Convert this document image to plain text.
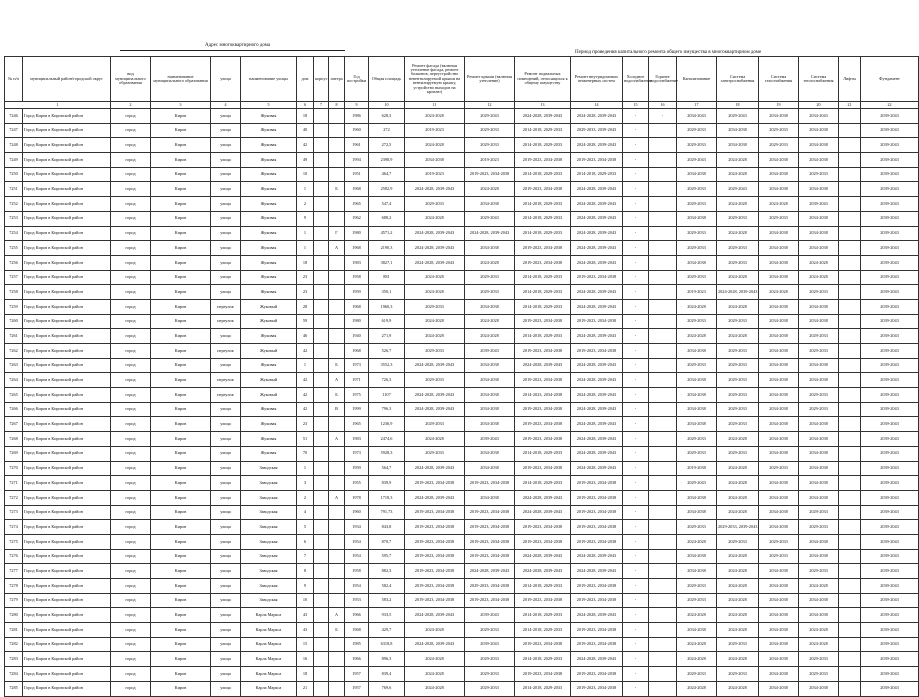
Адрес многоквартирного дома
Период проведения капитального ремонта общего имущества в многоквартирном доме
№ п/п	муниципальный район/городской округ	вид муниципального образования	наименование муниципального образования	улица	наименование улицы	дом	корпус	литера	Год постройки	Общая площадь	Ремонт фасада (включая утепление фасада, ремонт балконов, переустройство невентилируемой крыши на вентилируемую крышу, устройство выходов на кровлю)	Ремонт крыши (включая утепление)	Ремонт подвальных помещений, относящихся к общему имуществу	Ремонт внутридомовых инженерных систем	Холодное водоснабжение	Горячее водоснабжение	Канализование	Система электроснабжения	Система газоснабжения	Система теплоснабжения	Лифты	Фундамент
1		2	3	4	5	6	7	8	9	10	11	12	13	14	15	16	17	18	19	20	21	22
7246	Город Киров в Кировской район	город	Киров	улица	Жуковая	18			1986	628,3	2024-2028	2029-2043	2024-2028, 2039-2043	2024-2028, 2039-2043	-	-	2034-2043	2029-2043	2034-2038	2034-2043		2039-2043
7247	Город Киров в Кировской район	город	Киров	улица	Жуковая	40			1960	272	2019-2023	2029-2033	2014-2018, 2029-2033	2029-2033, 2039-2043	-		2029-2033	2034-2038	2029-2033	2034-2038		2039-2043
7248	Город Киров в Кировской район	город	Киров	улица	Жуковая	42			1961	272,5	2024-2028	2029-2033	2014-2018, 2029-2033	2024-2028, 2039-2043	-		2029-2033	2034-2038	2029-2033	2034-2038		2039-2043
7249	Город Киров в Кировской район	город	Киров	улица	Жуковая	49			1994	2398,9	2034-2038	2019-2023	2019-2023, 2034-2038	2019-2023, 2034-2038	-		2029-2043	2024-2028	2034-2038	2034-2038		2039-2043
7250	Город Киров в Кировской район	город	Киров	улица	Жуковая	10			1951	464,7	2019-2023	2019-2023, 2034-2038	2014-2018, 2029-2033	2014-2018, 2029-2033	-		2034-2038	2024-2028	2034-2038	2029-2033		2039-2043
7251	Город Киров в Кировской район	город	Киров	улица	Жуковая	1		Б	1968	2582,9	2024-2028, 2039-2043	2024-2028	2019-2023, 2034-2038	2024-2028, 2039-2043	-		2029-2033	2029-2043	2034-2038	2034-2038		2039-2043
7252	Город Киров в Кировской район	город	Киров	улица	Жуковая	2			1965	547,4	2029-2033	2034-2038	2014-2018, 2029-2033	2024-2028, 2039-2043	-		2029-2033	2024-2028	2024-2028	2039-2043		2039-2043
7253	Город Киров в Кировской район	город	Киров	улица	Жуковая	9			1962	688,2	2024-2028	2029-2043	2014-2018, 2029-2033	2024-2028, 2039-2043	-		2034-2038	2029-2033	2029-2033	2034-2038		2039-2043
7254	Город Киров в Кировской район	город	Киров	улица	Жуковая	1		Г	1980	4571,2	2024-2028, 2039-2043	2024-2028, 2039-2043	2014-2018, 2029-2033	2024-2028, 2039-2043	-		2029-2033	2024-2028	2034-2038	2034-2038		2039-2043
7255	Город Киров в Кировской район	город	Киров	улица	Жуковая	1		А	1968	2190,3	2024-2028, 2039-2043	2034-2038	2019-2023, 2034-2038	2024-2028, 2039-2043	-		2029-2033	2029-2033	2034-2038	2034-2038		2039-2043
7256	Город Киров в Кировской район	город	Киров	улица	Жуковая	18			1983	3827,1	2024-2028, 2039-2043	2024-2028	2019-2023, 2034-2038	2024-2028, 2039-2043	-		2034-2038	2029-2033	2034-2038	2024-2028		2039-2043
7257	Город Киров в Кировской район	город	Киров	улица	Жуковая	23			1958	881	2024-2028	2029-2033	2014-2018, 2029-2033	2019-2023, 2034-2038	-		2029-2033	2024-2028	2034-2038	2024-2028		2039-2043
7258	Город Киров в Кировской район	город	Киров	улица	Жуковая	23			1959	350,1	2024-2028	2029-2033	2014-2018, 2029-2033	2024-2028, 2039-2043	-		2019-2023	2024-2028, 2039-2043	2024-2028	2029-2033		2039-2043
7259	Город Киров в Кировской район	город	Киров	переулок	Жуковый	28			1968	1960,3	2029-2033	2034-2038	2014-2018, 2029-2033	2024-2028, 2039-2043	-		2024-2028	2024-2028	2034-2038	2034-2038		2039-2043
7260	Город Киров в Кировской район	город	Киров	переулок	Жуковый	59			1980	619,9	2024-2028	2024-2028	2019-2023, 2034-2038	2019-2023, 2034-2038	-		2029-2033	2029-2033	2034-2038	2034-2038		2039-2043
7261	Город Киров в Кировской район	город	Киров	улица	Жуковая	46			1940	271,9	2024-2028	2024-2028	2014-2018, 2029-2033	2024-2028, 2039-2043	-		2024-2028	2024-2028	2034-2038	2029-2033		2039-2043
7262	Город Киров в Кировской район	город	Киров	переулок	Жуковый	42			1968	526,7	2029-2033	2039-2043	2019-2023, 2034-2038	2019-2023, 2034-2038	-		2034-2038	2029-2033	2034-2038	2029-2033		2039-2043
7263	Город Киров в Кировской район	город	Киров	улица	Жуковая	1		Б	1973	3552,3	2024-2028, 2039-2043	2034-2038	2024-2028, 2039-2043	2024-2028, 2039-2043	-		2029-2033	2029-2033	2034-2038	2034-2038		2039-2043
7264	Город Киров в Кировской район	город	Киров	переулок	Жуковый	42		А	1971	726,3	2029-2033	2034-2038	2019-2023, 2034-2038	2024-2028, 2039-2043	-		2034-2038	2029-2033	2034-2038	2034-2038		2039-2043
7265	Город Киров в Кировской район	город	Киров	переулок	Жуковый	42		Б	1975	1107	2024-2028, 2039-2043	2034-2038	2014-2023, 2034-2038	2024-2028, 2039-2043	-		2034-2038	2029-2033	2034-2038	2029-2033		2039-2043
7266	Город Киров в Кировской район	город	Киров	улица	Жуковая	42		В	1999	796,3	2024-2028, 2039-2043	2034-2038	2019-2023, 2034-2038	2024-2028, 2039-2043	-		2034-2038	2029-2033	2034-2038	2029-2033		2039-2043
7267	Город Киров в Кировской район	город	Киров	улица	Жуковая	23			1965	1236,9	2029-2033	2034-2038	2019-2023, 2034-2038	2024-2028, 2039-2043	-		2034-2038	2029-2033	2034-2038	2034-2038		2039-2043
7268	Город Киров в Кировской район	город	Киров	улица	Жуковая	51		А	1983	2474,6	2024-2028	2039-2043	2019-2023, 2034-2038	2024-2028, 2039-2043	-		2029-2033	2024-2028	2034-2038	2034-2038		2039-2043
7269	Город Киров в Кировской район	город	Киров	улица	Жуковая	70			1973	5928,3	2029-2033	2034-2038	2014-2018, 2029-2033	2024-2028, 2039-2043	-		2029-2033	2029-2033	2034-2038	2034-2038		2039-2043
7270	Город Киров в Кировской район	город	Киров	улица	Заводская	1			1959	564,7	2024-2028, 2039-2043	2034-2038	2019-2023, 2034-2038	2024-2028, 2039-2043	-		2019-2038	2024-2028	2029-2033	2034-2038		2039-2043
7271	Город Киров в Кировской район	город	Киров	улица	Заводская	3			1955	839,9	2019-2023, 2034-2038	2019-2023, 2034-2038	2014-2018, 2029-2033	2019-2023, 2034-2038	-		2029-2043	2024-2028	2034-2038	2034-2038		2039-2043
7272	Город Киров в Кировской район	город	Киров	улица	Заводская	2		А	1978	1718,3	2024-2028, 2039-2043	2034-2038	2024-2028, 2039-2043	2019-2023, 2034-2038	-		2034-2038	2024-2028	2034-2038	2034-2038		2039-2043
7273	Город Киров в Кировской район	город	Киров	улица	Заводская	4			1960	791,73	2019-2023, 2034-2038	2019-2023, 2034-2038	2024-2028, 2039-2043	2019-2023, 2034-2038	-		2034-2038	2024-2028	2034-2038	2029-2033		2039-2043
7274	Город Киров в Кировской район	город	Киров	улица	Заводская	5			1934	843,8	2019-2023, 2034-2038	2019-2023, 2034-2038	2019-2023, 2034-2038	2019-2023, 2034-2038	-		2029-2033	2029-2033, 2039-2043	2034-2038	2029-2033		2039-2043
7275	Город Киров в Кировской район	город	Киров	улица	Заводская	6			1954	870,7	2019-2023, 2034-2038	2019-2023, 2034-2038	2019-2023, 2034-2038	2019-2023, 2034-2038	-		2024-2028	2029-2033	2029-2033	2034-2038		2039-2043
7276	Город Киров в Кировской район	город	Киров	улица	Заводская	7			1954	595,7	2019-2023, 2034-2038	2019-2023, 2034-2038	2024-2028, 2039-2043	2024-2028, 2039-2043	-		2034-2038	2024-2028	2029-2033	2034-2038		2039-2043
7277	Город Киров в Кировской район	город	Киров	улица	Заводская	8			1958	882,3	2019-2023, 2034-2038	2024-2028, 2039-2043	2024-2028, 2039-2043	2024-2028, 2039-2043	-		2034-2038	2024-2028	2034-2038	2029-2033		2039-2043
7278	Город Киров в Кировской район	город	Киров	улица	Заводская	9			1954	582,4	2019-2023, 2034-2038	2029-2033, 2034-2038	2014-2018, 2029-2033	2019-2023, 2034-2038	-		2029-2033	2024-2028	2034-2038	2024-2028		2039-2043
7279	Город Киров в Кировской район	город	Киров	улица	Заводская	10			1953	583,2	2019-2023, 2034-2038	2019-2023, 2034-2038	2019-2023, 2034-2038	2019-2023, 2034-2038	-		2029-2033	2024-2028	2034-2038	2034-2038		2039-2043
7280	Город Киров в Кировской район	город	Киров	улица	Карла Маркса	43		А	1966	933,5	2024-2028, 2039-2043	2039-2043	2014-2018, 2029-2033	2024-2028, 2039-2043	-		2024-2028	2024-2028	2034-2038	2034-2038		2039-2043
7281	Город Киров в Кировской район	город	Киров	улица	Карла Маркса	43		Б	1968	429,7	2024-2028	2029-2033	2014-2018, 2029-2033	2019-2023, 2034-2038	-		2034-2038	2024-2028	2034-2038	2024-2028		2039-2043
7282	Город Киров в Кировской район	город	Киров	улица	Карла Маркса	15			1985	6318,8	2024-2028, 2039-2043	2039-2043	2019-2023, 2034-2038	2019-2023, 2034-2038	-		2024-2028	2029-2033	2034-2038	2024-2028		2039-2043
7283	Город Киров в Кировской район	город	Киров	улица	Карла Маркса	16			1966	896,3	2024-2028	2029-2033	2014-2018, 2029-2033	2024-2028, 2039-2043	-		2024-2028	2024-2028	2034-2038	2029-2033		2039-2043
7284	Город Киров в Кировской район	город	Киров	улица	Карла Маркса	18			1957	839,4	2024-2028	2029-2033	2019-2023, 2034-2038	2019-2023, 2034-2038	-		2029-2033	2029-2033	2034-2038	2029-2033		2039-2043
7285	Город Киров в Кировской район	город	Киров	улица	Карла Маркса	21			1957	769,6	2024-2028	2029-2033	2014-2018, 2029-2033	2019-2023, 2034-2038	-		2024-2028	2024-2028	2034-2038	2034-2038		2039-2043
